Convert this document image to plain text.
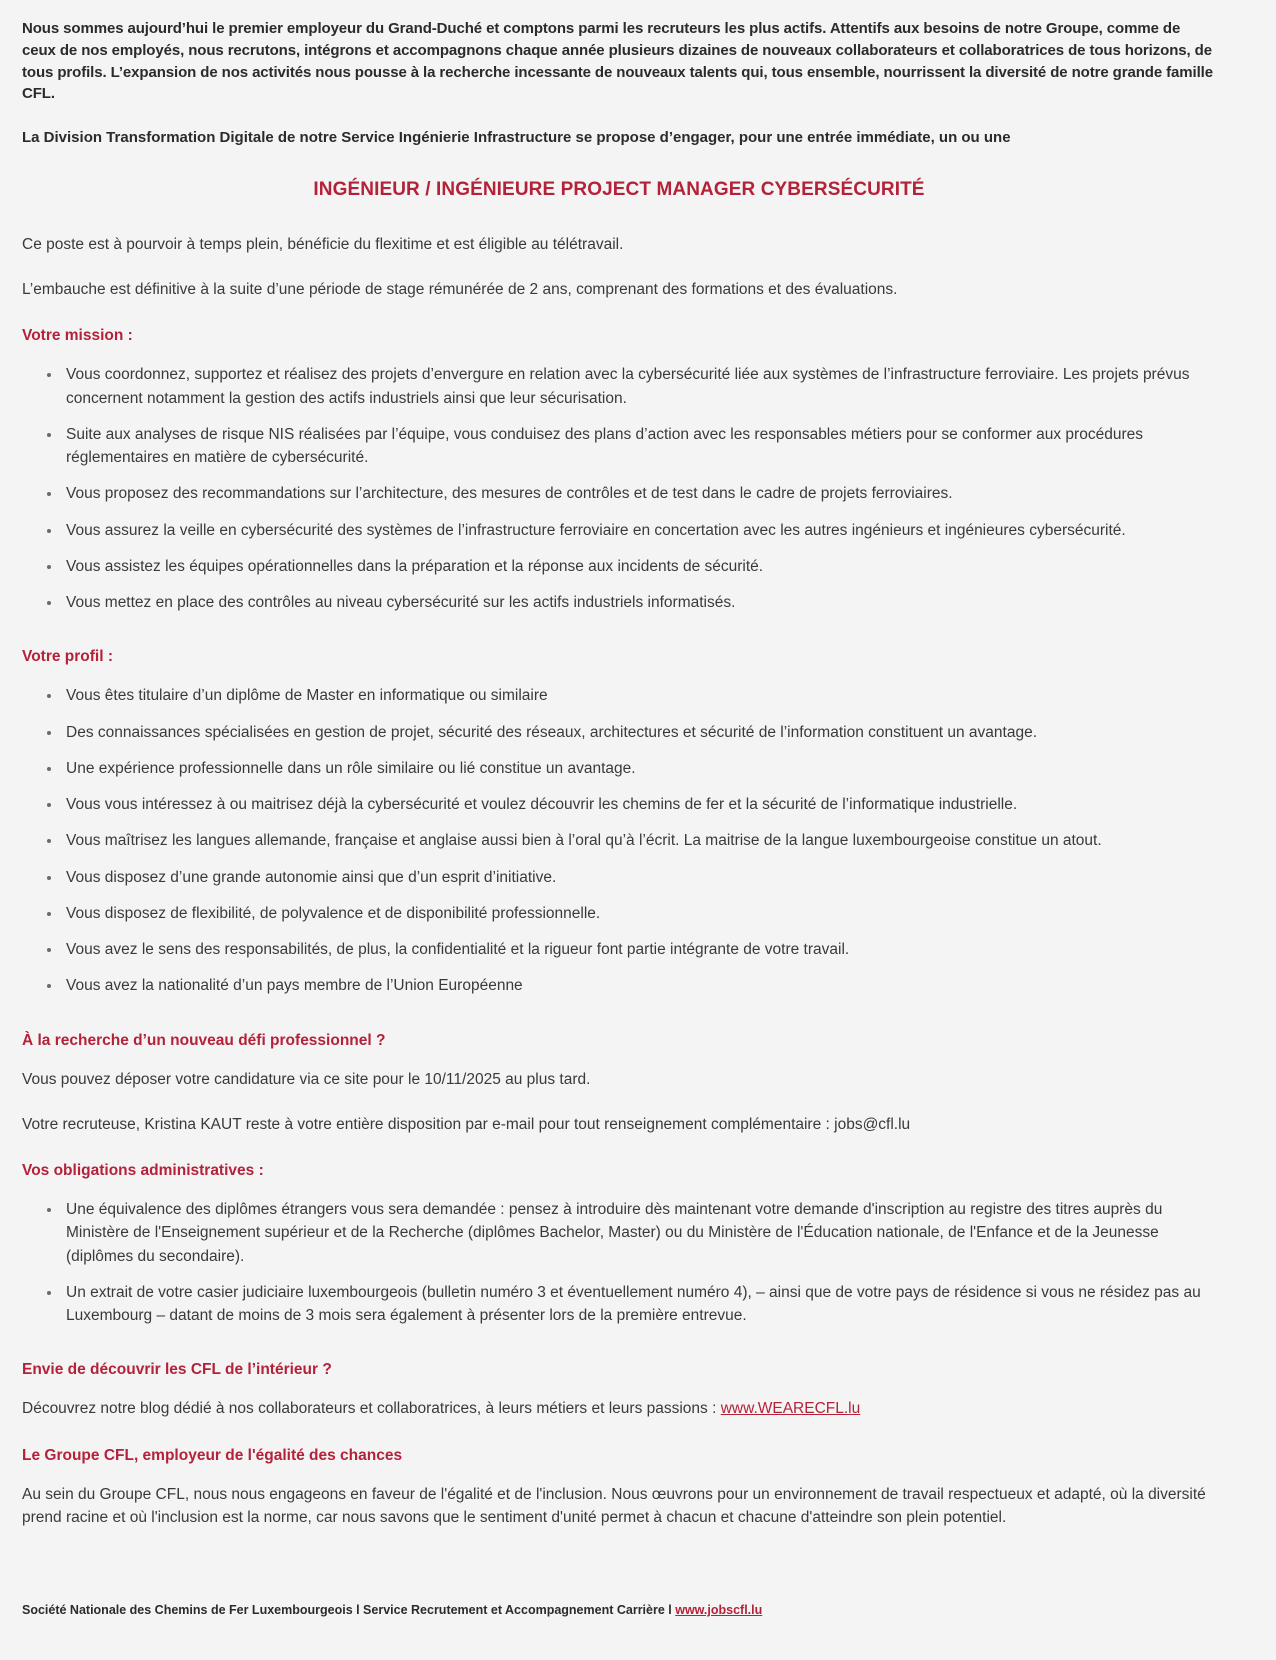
Nous sommes aujourd’hui le premier employeur du Grand-Duché et comptons parmi les recruteurs les plus actifs. Attentifs aux besoins de notre Groupe, comme de ceux de nos employés, nous recrutons, intégrons et accompagnons chaque année plusieurs dizaines de nouveaux collaborateurs et collaboratrices de tous horizons, de tous profils. L’expansion de nos activités nous pousse à la recherche incessante de nouveaux talents qui, tous ensemble, nourrissent la diversité de notre grande famille CFL.

La Division Transformation Digitale de notre Service Ingénierie Infrastructure se propose d’engager, pour une entrée immédiate, un ou une

INGÉNIEUR / INGÉNIEURE PROJECT MANAGER CYBERSÉCURITÉ

Ce poste est à pourvoir à temps plein, bénéficie du flexitime et est éligible au télétravail.

L’embauche est définitive à la suite d’une période de stage rémunérée de 2 ans, comprenant des formations et des évaluations.

Votre mission :
Vous coordonnez, supportez et réalisez des projets d’envergure en relation avec la cybersécurité liée aux systèmes de l’infrastructure ferroviaire. Les projets prévus concernent notamment la gestion des actifs industriels ainsi que leur sécurisation.
Suite aux analyses de risque NIS réalisées par l’équipe, vous conduisez des plans d’action avec les responsables métiers pour se conformer aux procédures réglementaires en matière de cybersécurité.
Vous proposez des recommandations sur l’architecture, des mesures de contrôles et de test dans le cadre de projets ferroviaires.
Vous assurez la veille en cybersécurité des systèmes de l’infrastructure ferroviaire en concertation avec les autres ingénieurs et ingénieures cybersécurité.
Vous assistez les équipes opérationnelles dans la préparation et la réponse aux incidents de sécurité.
Vous mettez en place des contrôles au niveau cybersécurité sur les actifs industriels informatisés.
Votre profil :
Vous êtes titulaire d’un diplôme de Master en informatique ou similaire
Des connaissances spécialisées en gestion de projet, sécurité des réseaux, architectures et sécurité de l’information constituent un avantage.
Une expérience professionnelle dans un rôle similaire ou lié constitue un avantage.
Vous vous intéressez à ou maitrisez déjà la cybersécurité et voulez découvrir les chemins de fer et la sécurité de l’informatique industrielle.
Vous maîtrisez les langues allemande, française et anglaise aussi bien à l’oral qu’à l’écrit. La maitrise de la langue luxembourgeoise constitue un atout.
Vous disposez d’une grande autonomie ainsi que d’un esprit d’initiative.
Vous disposez de flexibilité, de polyvalence et de disponibilité professionnelle.
Vous avez le sens des responsabilités, de plus, la confidentialité et la rigueur font partie intégrante de votre travail.
Vous avez la nationalité d’un pays membre de l’Union Européenne
À la recherche d’un nouveau défi professionnel ?

Vous pouvez déposer votre candidature via ce site pour le 10/11/2025 au plus tard.

Votre recruteuse, Kristina KAUT reste à votre entière disposition par e-mail pour tout renseignement complémentaire : jobs@cfl.lu

Vos obligations administratives :
Une équivalence des diplômes étrangers vous sera demandée : pensez à introduire dès maintenant votre demande d'inscription au registre des titres auprès du Ministère de l'Enseignement supérieur et de la Recherche (diplômes Bachelor, Master) ou du Ministère de l'Éducation nationale, de l'Enfance et de la Jeunesse (diplômes du secondaire).
Un extrait de votre casier judiciaire luxembourgeois (bulletin numéro 3 et éventuellement numéro 4), – ainsi que de votre pays de résidence si vous ne résidez pas au Luxembourg – datant de moins de 3 mois sera également à présenter lors de la première entrevue.
Envie de découvrir les CFL de l’intérieur ?

Découvrez notre blog dédié à nos collaborateurs et collaboratrices, à leurs métiers et leurs passions : www.WEARECFL.lu

Le Groupe CFL, employeur de l'égalité des chances

Au sein du Groupe CFL, nous nous engageons en faveur de l'égalité et de l'inclusion. Nous œuvrons pour un environnement de travail respectueux et adapté, où la diversité prend racine et où l'inclusion est la norme, car nous savons que le sentiment d'unité permet à chacun et chacune d'atteindre son plein potentiel.

Société Nationale des Chemins de Fer Luxembourgeois l Service Recrutement et Accompagnement Carrière l www.jobscfl.lu
